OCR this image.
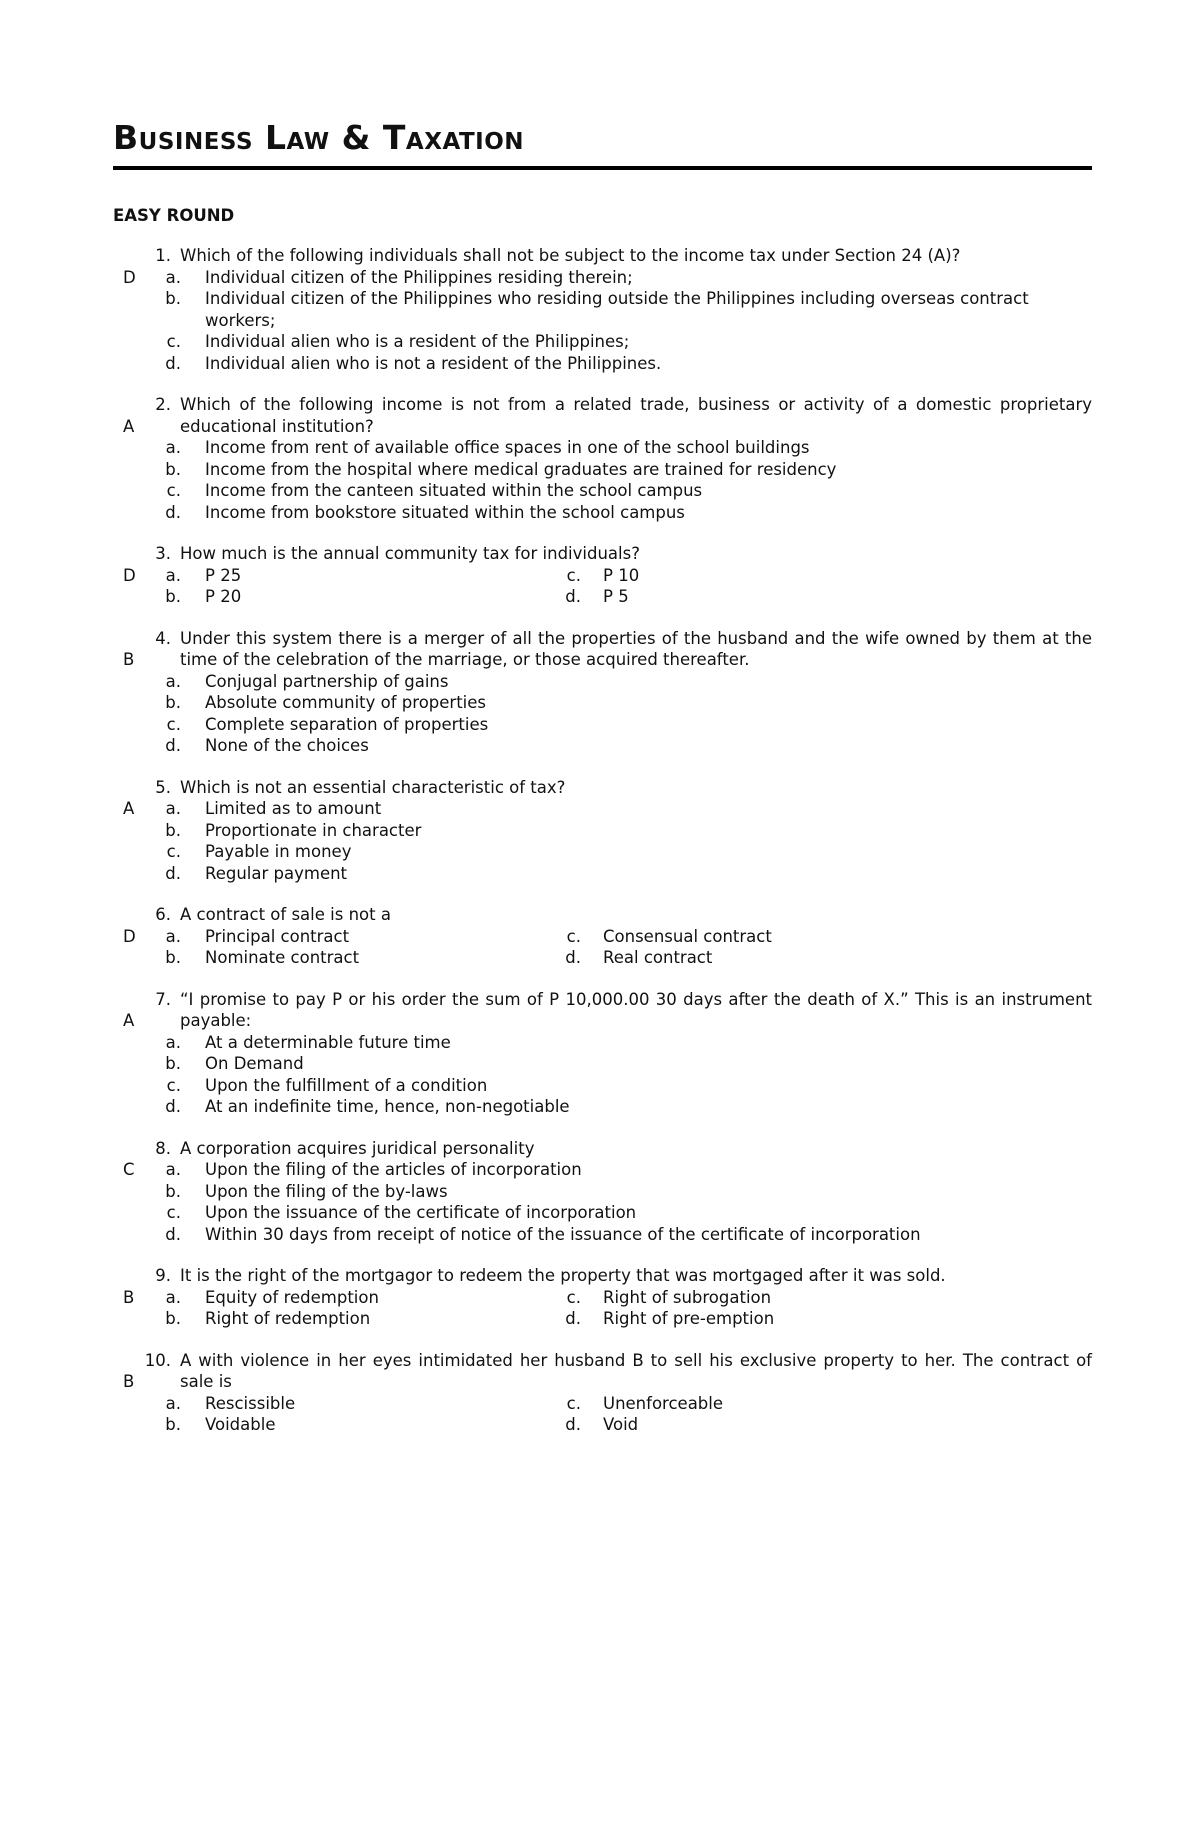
Business Law & Taxation
EASY ROUND
1. Which of the following individuals shall not be subject to the income tax under Section 24 (A)?
D	a.	Individual citizen of the Philippines residing therein;
b.	Individual citizen of the Philippines who residing outside the Philippines including overseas contract workers;
c.	Individual alien who is a resident of the Philippines;
d.	Individual alien who is not a resident of the Philippines.
2. Which of the following income is not from a related trade, business or activity of a domestic proprietary educational institution?
A
a.	Income from rent of available office spaces in one of the school buildings
b.	Income from the hospital where medical graduates are trained for residency
c.	Income from the canteen situated within the school campus
d.	Income from bookstore situated within the school campus
3. How much is the annual community tax for individuals?
D	a.	P 25	c.	P 10
b.	P 20	d.	P 5
4. Under this system there is a merger of all the properties of the husband and the wife owned by them at the time of the celebration of the marriage, or those acquired thereafter.
B
a.	Conjugal partnership of gains
b.	Absolute community of properties
c.	Complete separation of properties
d.	None of the choices
5. Which is not an essential characteristic of tax?
A	a.	Limited as to amount
b.	Proportionate in character
c.	Payable in money
d.	Regular payment
6. A contract of sale is not a
D	a.	Principal contract	c.	Consensual contract
b.	Nominate contract	d.	Real contract
7. “I promise to pay P or his order the sum of P 10,000.00 30 days after the death of X.” This is an instrument payable:
A
a.	At a determinable future time
b.	On Demand
c.	Upon the fulfillment of a condition
d.	At an indefinite time, hence, non-negotiable
8. A corporation acquires juridical personality
C	a.	Upon the filing of the articles of incorporation
b.	Upon the filing of the by-laws
c.	Upon the issuance of the certificate of incorporation
d.	Within 30 days from receipt of notice of the issuance of the certificate of incorporation
9. It is the right of the mortgagor to redeem the property that was mortgaged after it was sold.
B	a.	Equity of redemption	c.	Right of subrogation
b.	Right of redemption	d.	Right of pre-emption
10. A with violence in her eyes intimidated her husband B to sell his exclusive property to her. The contract of sale is
B
a.	Rescissible	c.	Unenforceable
b.	Voidable	d.	Void
